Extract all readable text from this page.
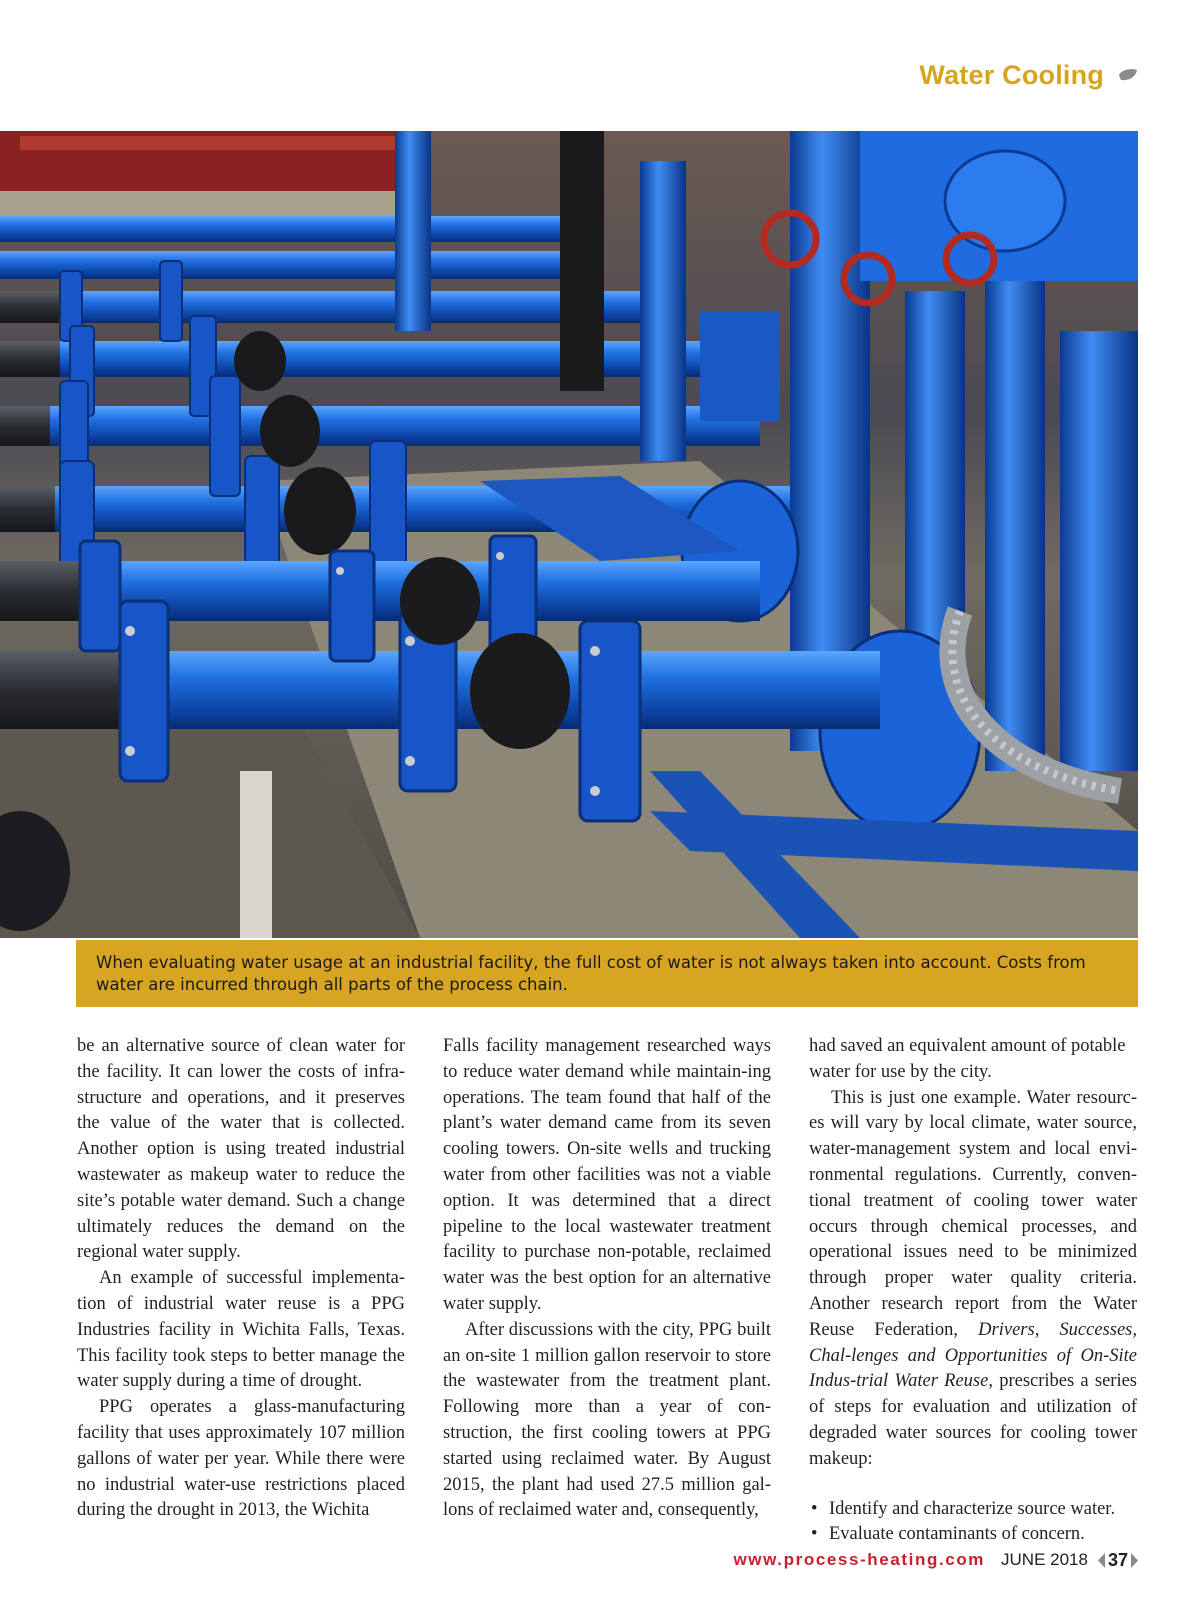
Water Cooling

When evaluating water usage at an industrial facility, the full cost of water is not always taken into account. Costs from water are incurred through all parts of the process chain.

be an alternative source of clean water for the facility. It can lower the costs of infra-structure and operations, and it preserves the value of the water that is collected. Another option is using treated industrial wastewater as makeup water to reduce the site’s potable water demand. Such a change ultimately reduces the demand on the regional water supply.

An example of successful implementa-tion of industrial water reuse is a PPG Industries facility in Wichita Falls, Texas. This facility took steps to better manage the water supply during a time of drought.

PPG operates a glass-manufacturing facility that uses approximately 107 million gallons of water per year. While there were no industrial water-use restrictions placed during the drought in 2013, the Wichita

Falls facility management researched ways to reduce water demand while maintain-ing operations. The team found that half of the plant’s water demand came from its seven cooling towers. On-site wells and trucking water from other facilities was not a viable option. It was determined that a direct pipeline to the local wastewater treatment facility to purchase non-potable, reclaimed water was the best option for an alternative water supply.

After discussions with the city, PPG built an on-site 1 million gallon reservoir to store the wastewater from the treatment plant. Following more than a year of con-struction, the first cooling towers at PPG started using reclaimed water. By August 2015, the plant had used 27.5 million gal-lons of reclaimed water and, consequently,

had saved an equivalent amount of potable water for use by the city.

This is just one example. Water resourc-es will vary by local climate, water source, water-management system and local envi-ronmental regulations. Currently, conven-tional treatment of cooling tower water occurs through chemical processes, and operational issues need to be minimized through proper water quality criteria. Another research report from the Water Reuse Federation, Drivers, Successes, Chal-lenges and Opportunities of On-Site Indus-trial Water Reuse, prescribes a series of steps for evaluation and utilization of degraded water sources for cooling tower makeup:

• Identify and characterize source water.
• Evaluate contaminants of concern.
www.process-heating.com JUNE 2018 37
